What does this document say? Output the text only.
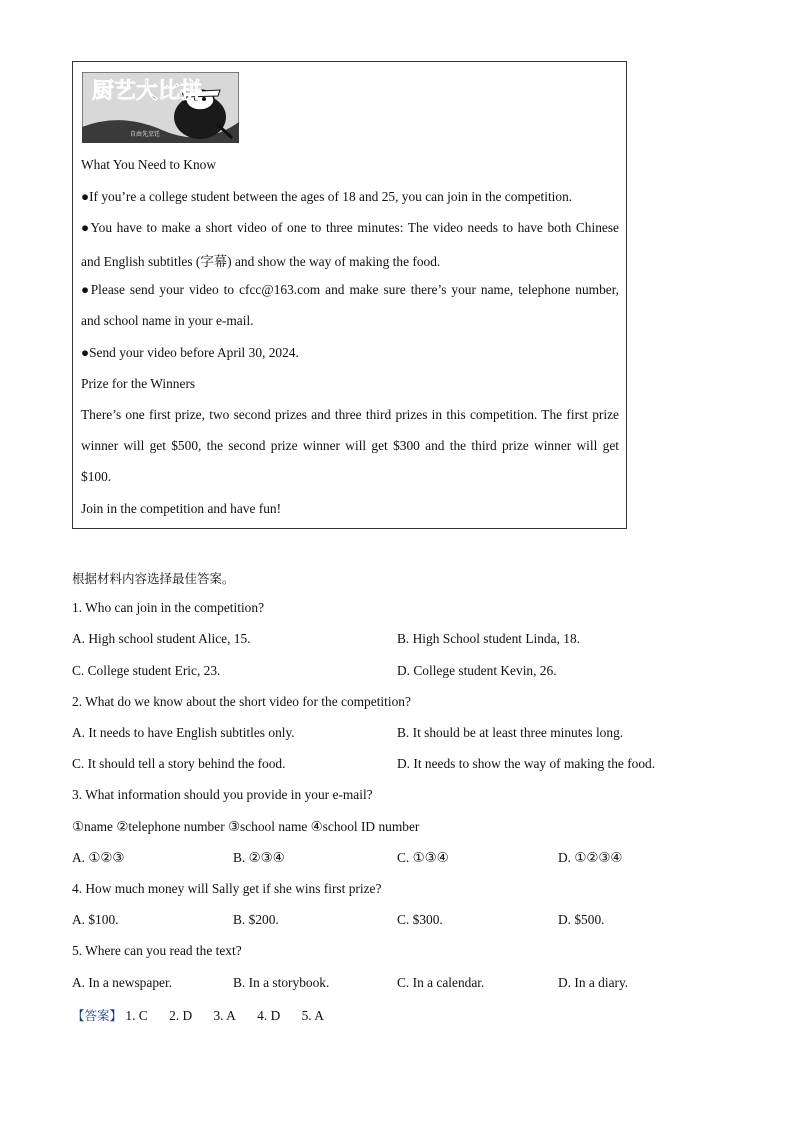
厨艺大比拼
自由先烹饪
What You Need to Know
●If you’re a college student between the ages of 18 and 25, you can join in the competition.
●You have to make a short video of one to three minutes: The video needs to have both Chinese
and English subtitles (字幕) and show the way of making the food.
●Please send your video to cfcc@163.com and make sure there’s your name, telephone number,
and school name in your e-mail.
●Send your video before April 30, 2024.
Prize for the Winners
There’s one first prize, two second prizes and three third prizes in this competition. The first prize
winner will get $500, the second prize winner will get $300 and the third prize winner will get
$100.
Join in the competition and have fun!
根据材料内容选择最佳答案。
1. Who can join in the competition?
A. High school student Alice, 15.	B. High School student Linda, 18.
C. College student Eric, 23.	D. College student Kevin, 26.
2. What do we know about the short video for the competition?
A. It needs to have English subtitles only.	B. It should be at least three minutes long.
C. It should tell a story behind the food.	D. It needs to show the way of making the food.
3. What information should you provide in your e-mail?
①name ②telephone number ③school name ④school ID number
A. ①②③	B. ②③④	C. ①③④	D. ①②③④
4. How much money will Sally get if she wins first prize?
A. $100.	B. $200.	C. $300.	D. $500.
5. Where can you read the text?
A. In a newspaper.	B. In a storybook.	C. In a calendar.	D. In a diary.
【答案】 1. C 2. D 3. A 4. D 5. A
